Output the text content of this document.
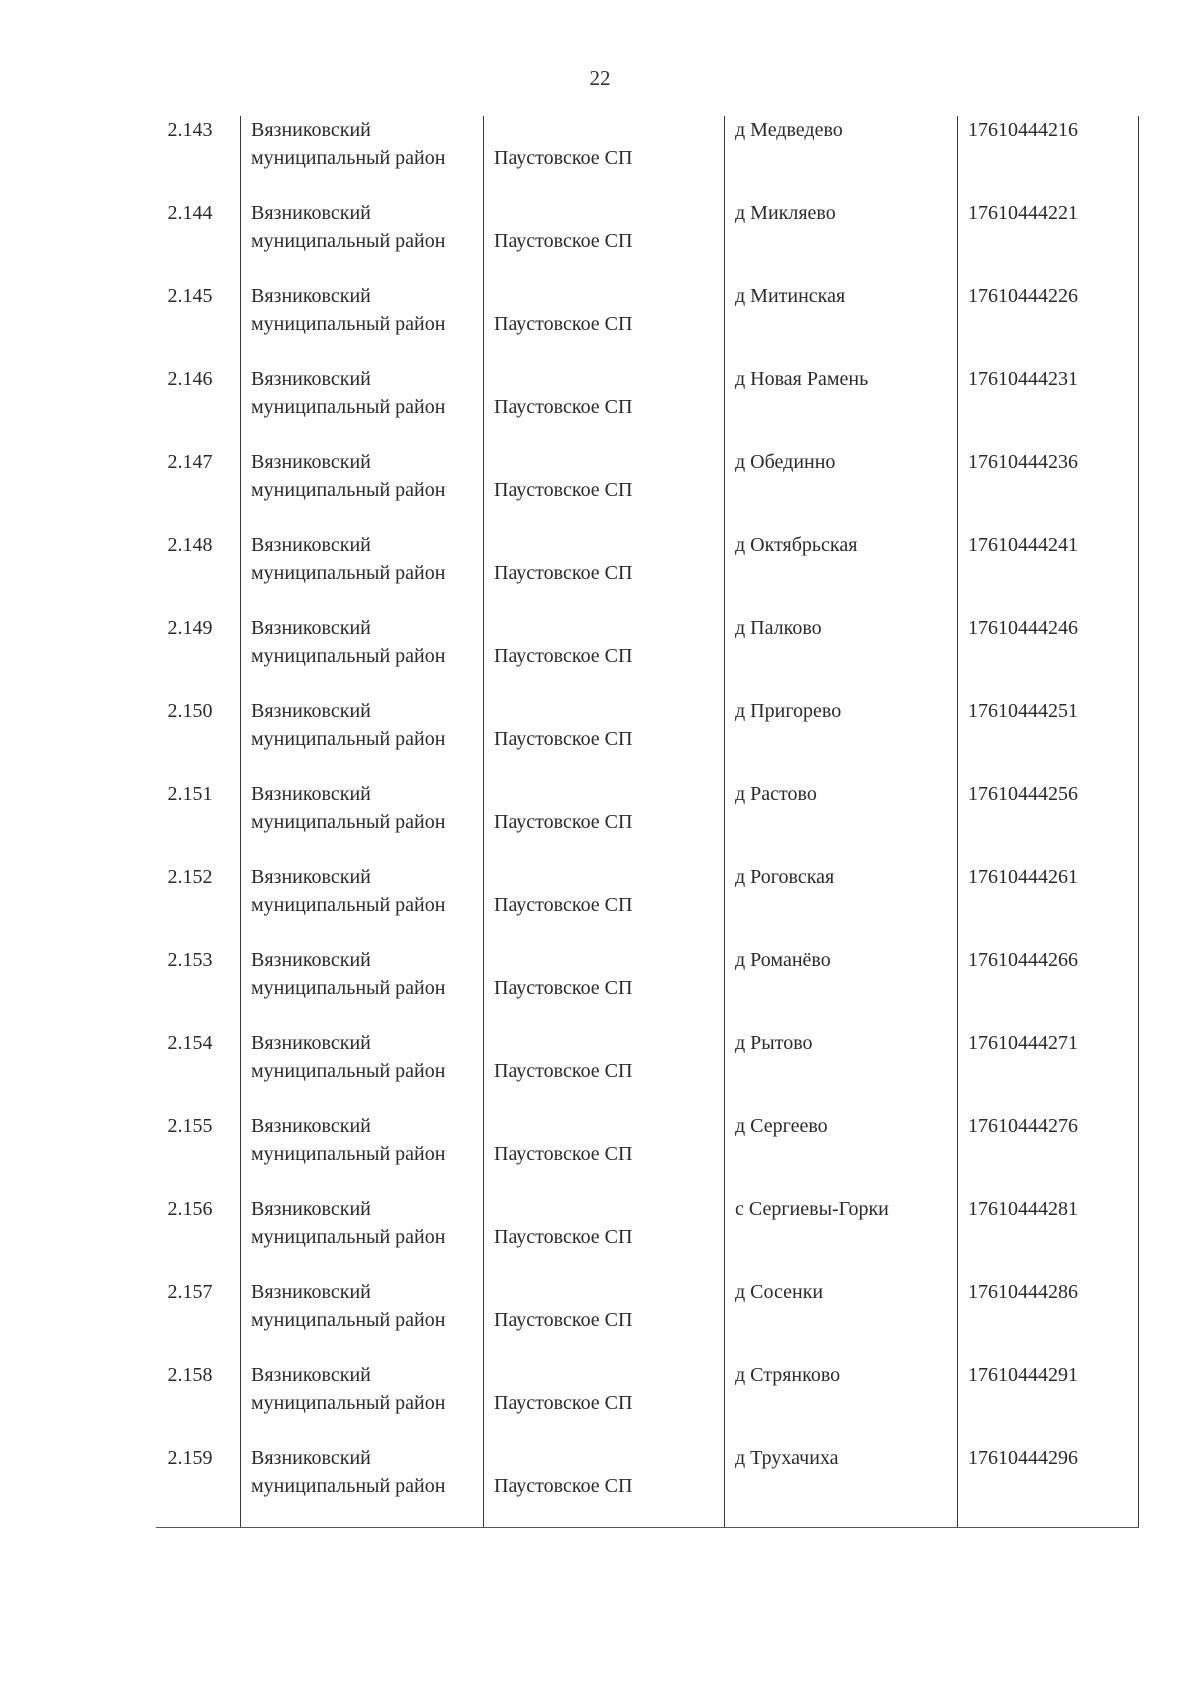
22
2.143	Вязниковский муниципальный район	Паустовское СП	д Медведево	17610444216
2.144	Вязниковский муниципальный район	Паустовское СП	д Микляево	17610444221
2.145	Вязниковский муниципальный район	Паустовское СП	д Митинская	17610444226
2.146	Вязниковский муниципальный район	Паустовское СП	д Новая Рамень	17610444231
2.147	Вязниковский муниципальный район	Паустовское СП	д Обединно	17610444236
2.148	Вязниковский муниципальный район	Паустовское СП	д Октябрьская	17610444241
2.149	Вязниковский муниципальный район	Паустовское СП	д Палково	17610444246
2.150	Вязниковский муниципальный район	Паустовское СП	д Пригорево	17610444251
2.151	Вязниковский муниципальный район	Паустовское СП	д Растово	17610444256
2.152	Вязниковский муниципальный район	Паустовское СП	д Роговская	17610444261
2.153	Вязниковский муниципальный район	Паустовское СП	д Романёво	17610444266
2.154	Вязниковский муниципальный район	Паустовское СП	д Рытово	17610444271
2.155	Вязниковский муниципальный район	Паустовское СП	д Сергеево	17610444276
2.156	Вязниковский муниципальный район	Паустовское СП	с Сергиевы-Горки	17610444281
2.157	Вязниковский муниципальный район	Паустовское СП	д Сосенки	17610444286
2.158	Вязниковский муниципальный район	Паустовское СП	д Стрянково	17610444291
2.159	Вязниковский муниципальный район	Паустовское СП	д Трухачиха	17610444296
